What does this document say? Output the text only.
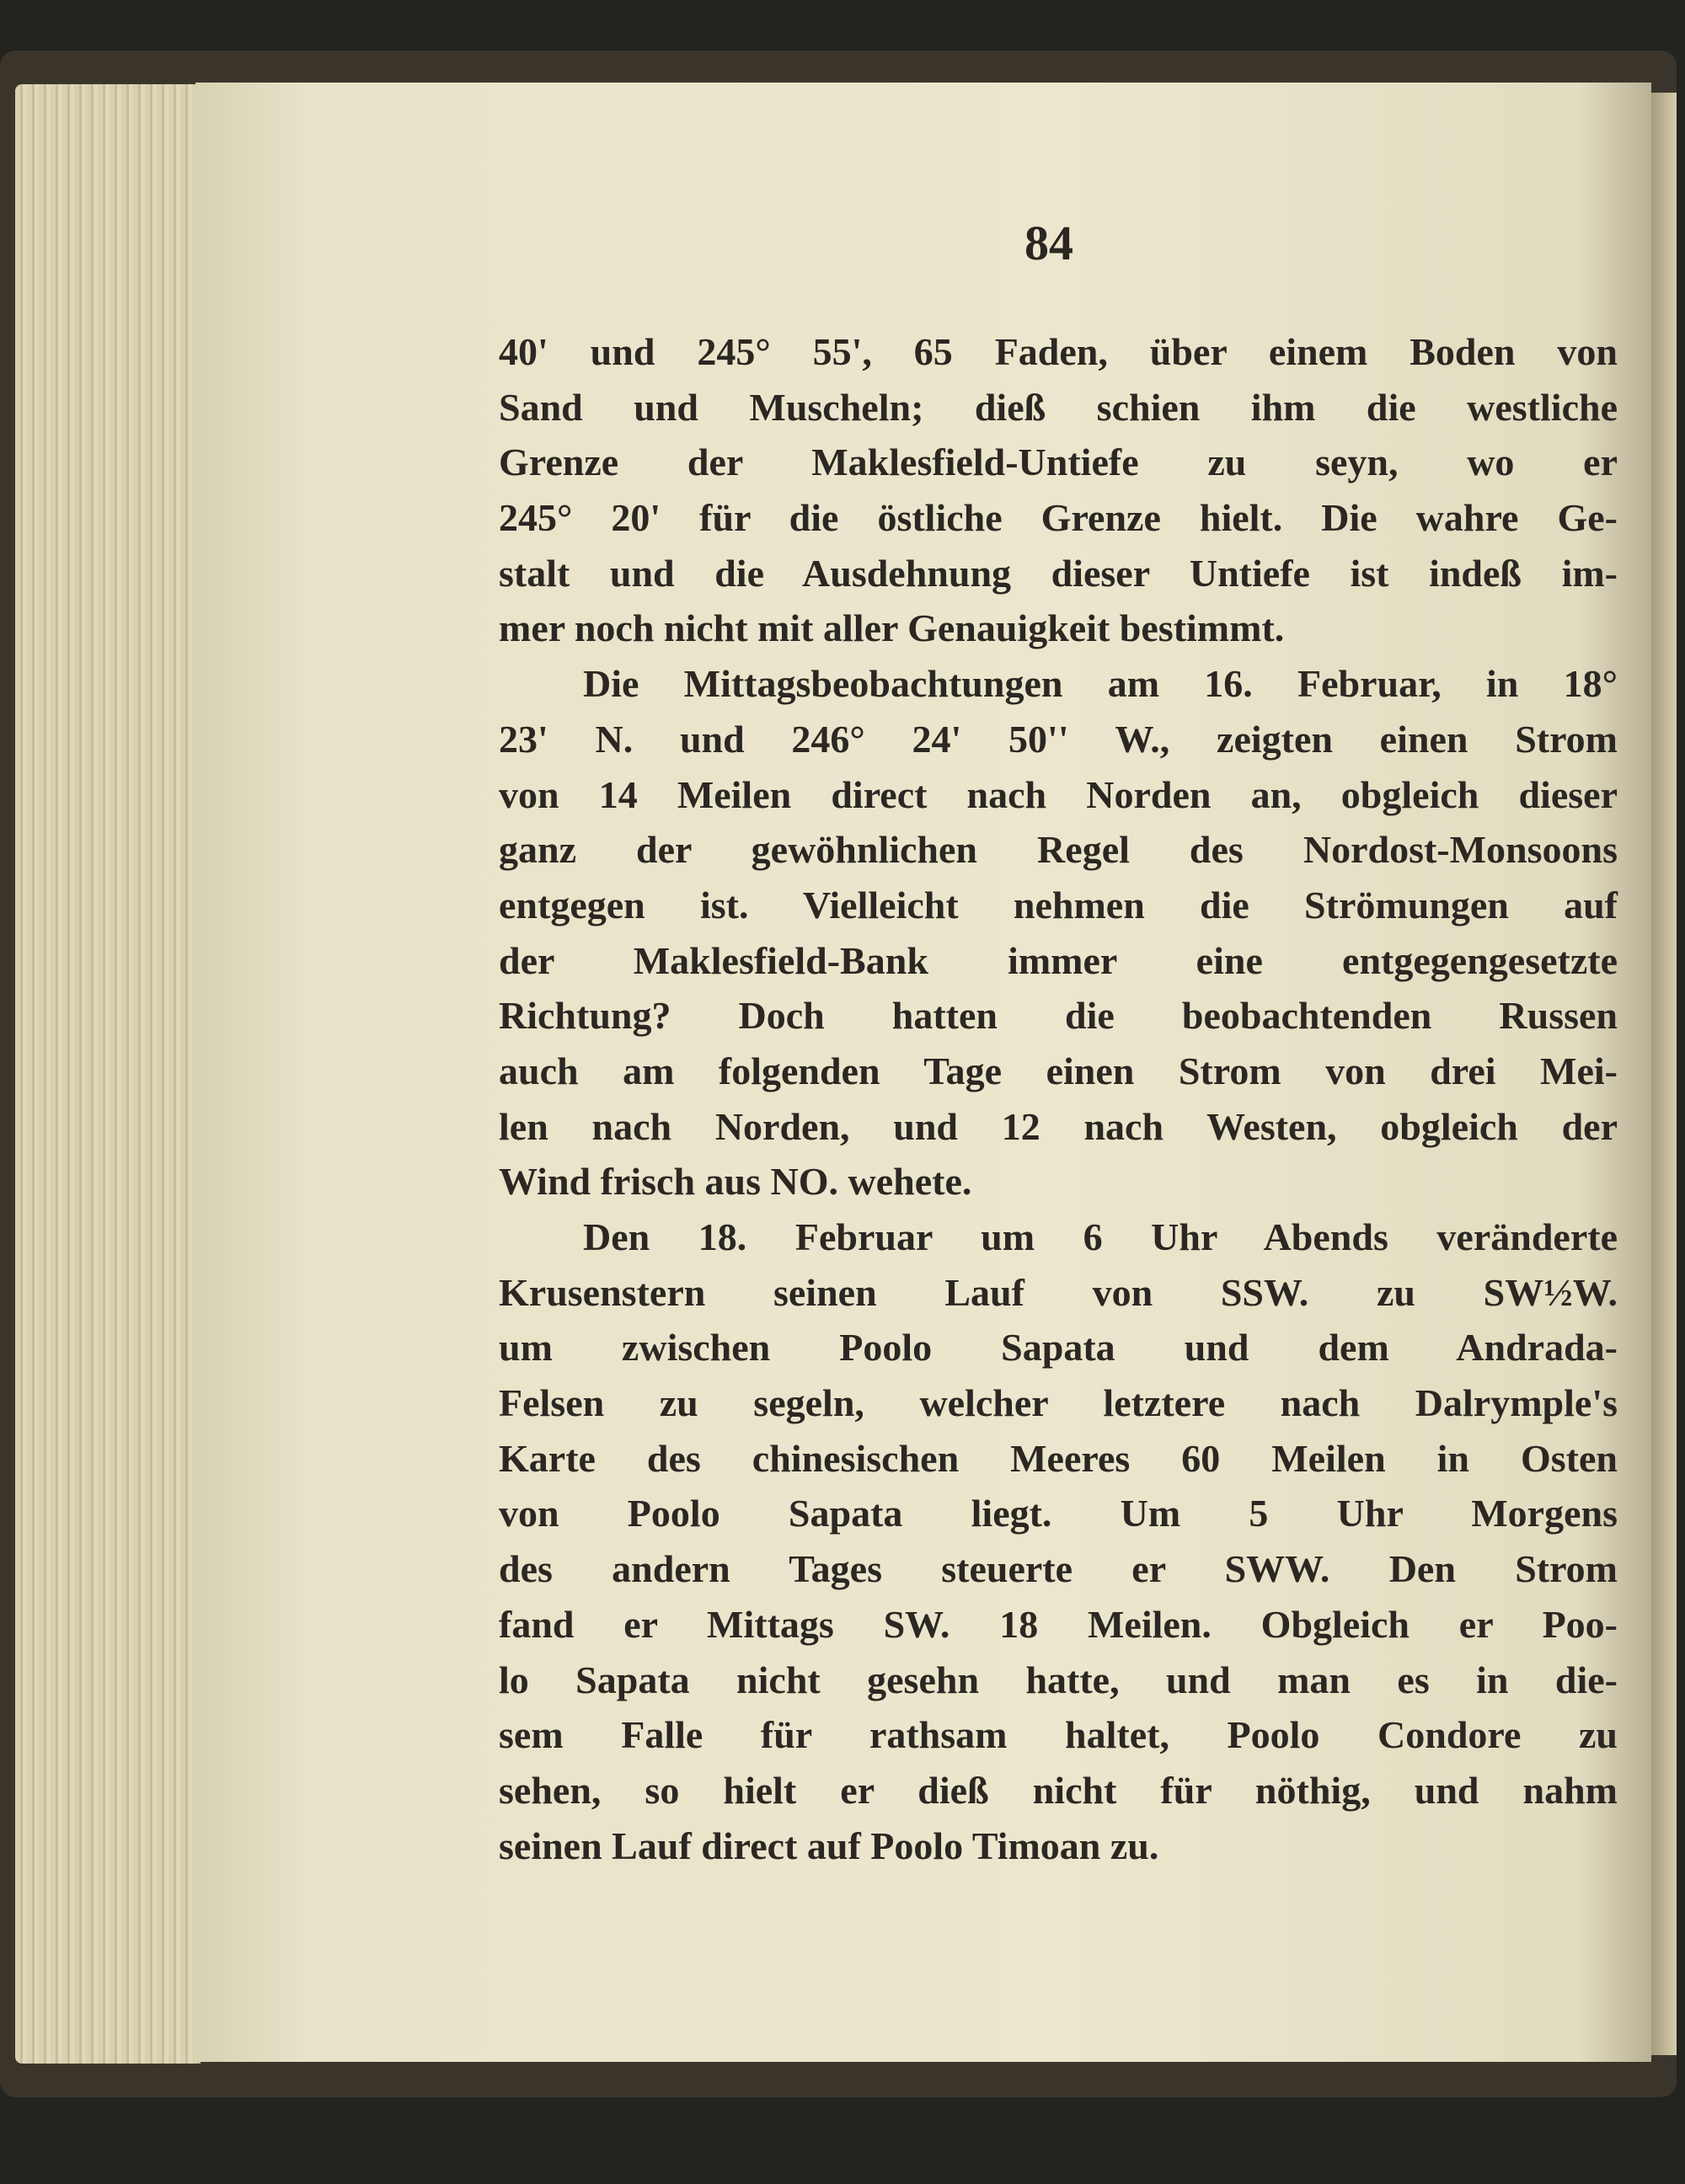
84
40' und 245° 55', 65 Faden, über einem Boden von
Sand und Muscheln; dieß schien ihm die westliche
Grenze der Maklesfield-Untiefe zu seyn, wo er
245° 20' für die östliche Grenze hielt. Die wahre Ge-
stalt und die Ausdehnung dieser Untiefe ist indeß im-
mer noch nicht mit aller Genauigkeit bestimmt.
Die Mittagsbeobachtungen am 16. Februar, in 18°
23' N. und 246° 24' 50'' W., zeigten einen Strom
von 14 Meilen direct nach Norden an, obgleich dieser
ganz der gewöhnlichen Regel des Nordost-Monsoons
entgegen ist. Vielleicht nehmen die Strömungen auf
der Maklesfield-Bank immer eine entgegengesetzte
Richtung? Doch hatten die beobachtenden Russen
auch am folgenden Tage einen Strom von drei Mei-
len nach Norden, und 12 nach Westen, obgleich der
Wind frisch aus NO. wehete.
Den 18. Februar um 6 Uhr Abends veränderte
Krusenstern seinen Lauf von SSW. zu SW½W.
um zwischen Poolo Sapata und dem Andrada-
Felsen zu segeln, welcher letztere nach Dalrymple's
Karte des chinesischen Meeres 60 Meilen in Osten
von Poolo Sapata liegt. Um 5 Uhr Morgens
des andern Tages steuerte er SWW. Den Strom
fand er Mittags SW. 18 Meilen. Obgleich er Poo-
lo Sapata nicht gesehn hatte, und man es in die-
sem Falle für rathsam haltet, Poolo Condore zu
sehen, so hielt er dieß nicht für nöthig, und nahm
seinen Lauf direct auf Poolo Timoan zu.
